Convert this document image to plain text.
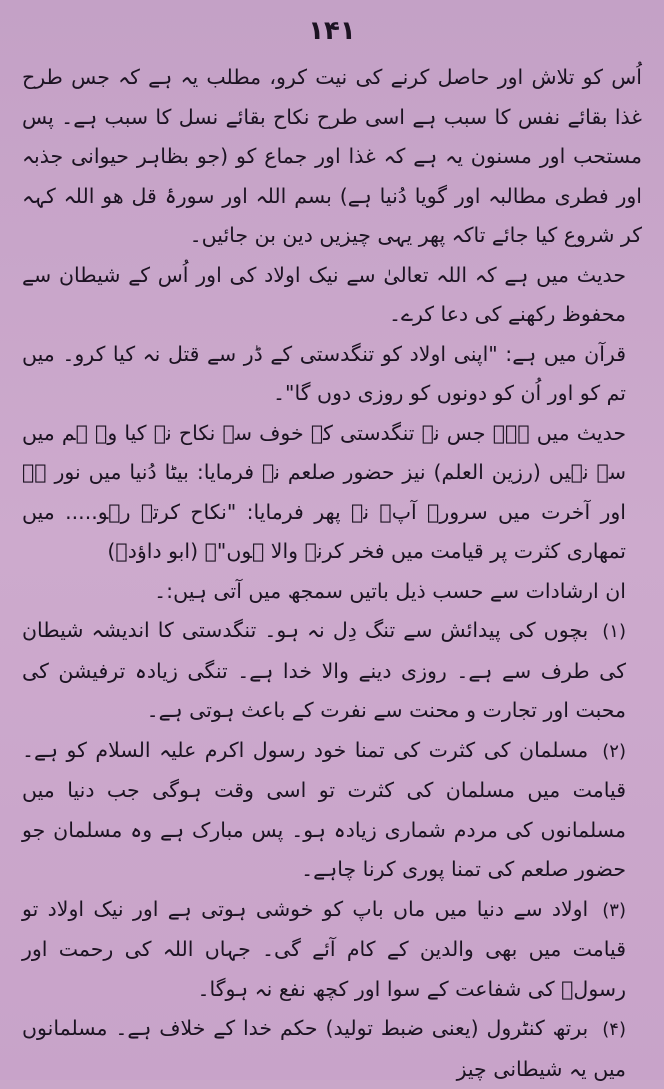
۱۴۱

اُس کو تلاش اور حاصل کرنے کی نیت کرو، مطلب یہ ہے کہ جس طرح غذا بقائے نفس کا سبب ہے اسی طرح نکاح بقائے نسل کا سبب ہے۔ پس مستحب اور مسنون یہ ہے کہ غذا اور جماع کو (جو بظاہر حیوانی جذبہ اور فطری مطالبہ اور گویا دُنیا ہے) بسم اللہ اور سورۂ قل ھو اللہ کہہ کر شروع کیا جائے تاکہ پھر یہی چیزیں دین بن جائیں۔

حدیث میں ہے کہ اللہ تعالیٰ سے نیک اولاد کی اور اُس کے شیطان سے محفوظ رکھنے کی دعا کرے۔

قرآن میں ہے: "اپنی اولاد کو تنگدستی کے ڈر سے قتل نہ کیا کرو۔ میں تم کو اور اُن کو دونوں کو روزی دوں گا"۔

حدیث میں ہے۔ جس نے تنگدستی کے خوف سے نکاح نہ کیا وہ ہم میں سے نہیں (رزین العلم) نیز حضور صلعم نے فرمایا: بیٹا دُنیا میں نور ہے اور آخرت میں سرور۔ آپؐ نے پھر فرمایا: "نکاح کرتے رہو..... میں تمھاری کثرت پر قیامت میں فخر کرنے والا ہوں"۔ (ابو داؤدؒ)

ان ارشادات سے حسب ذیل باتیں سمجھ میں آتی ہیں:۔

(۱)بچوں کی پیدائش سے تنگ دِل نہ ہو۔ تنگدستی کا اندیشہ شیطان کی طرف سے ہے۔ روزی دینے والا خدا ہے۔ تنگی زیادہ ترفیشن کی محبت اور تجارت و محنت سے نفرت کے باعث ہوتی ہے۔

(۲)مسلمان کی کثرت کی تمنا خود رسول اکرم علیہ السلام کو ہے۔ قیامت میں مسلمان کی کثرت تو اسی وقت ہوگی جب دنیا میں مسلمانوں کی مردم شماری زیادہ ہو۔ پس مبارک ہے وہ مسلمان جو حضور صلعم کی تمنا پوری کرنا چاہے۔

(۳)اولاد سے دنیا میں ماں باپ کو خوشی ہوتی ہے اور نیک اولاد تو قیامت میں بھی والدین کے کام آئے گی۔ جہاں اللہ کی رحمت اور رسولؐ کی شفاعت کے سوا اور کچھ نفع نہ ہوگا۔

(۴)برتھ کنٹرول (یعنی ضبط تولید) حکم خدا کے خلاف ہے۔ مسلمانوں میں یہ شیطانی چیز
